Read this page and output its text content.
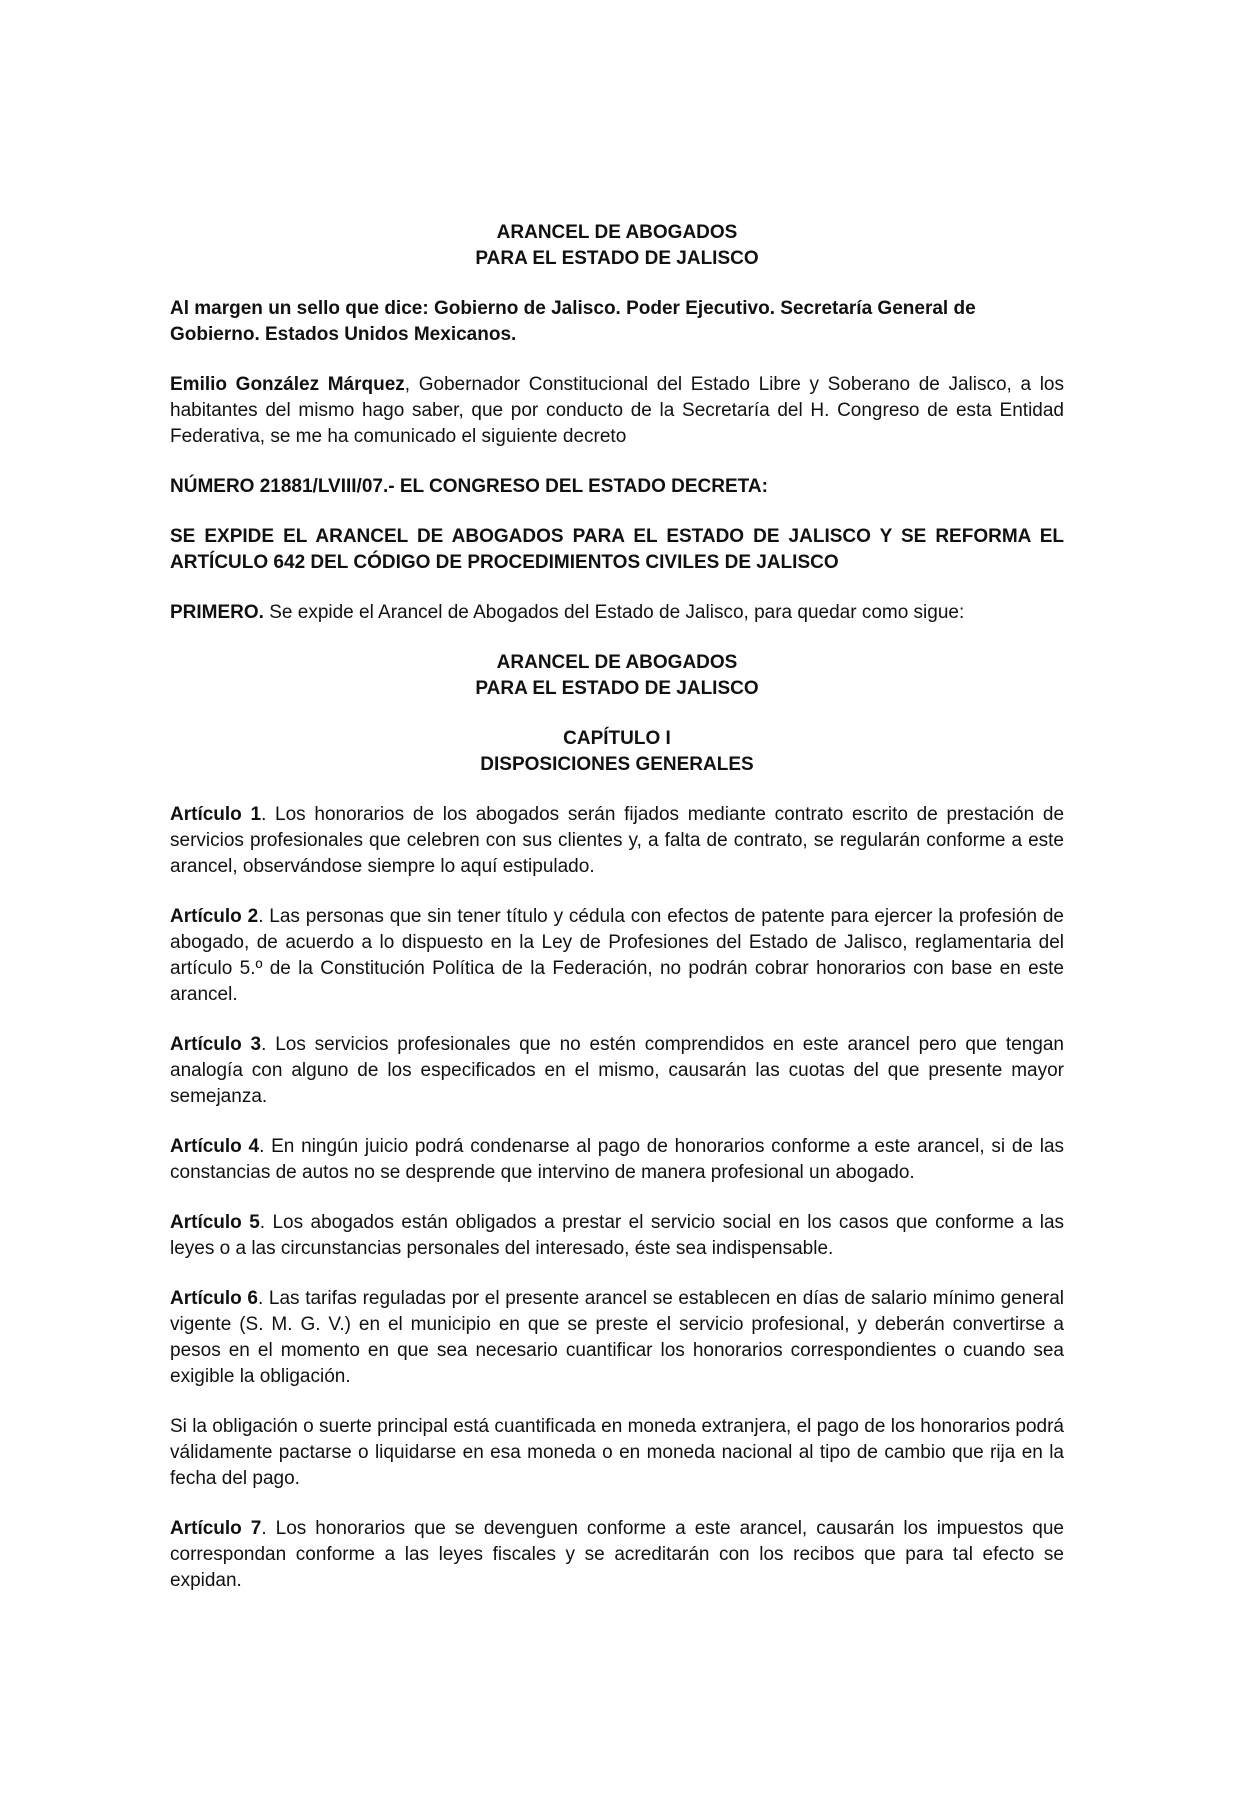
ARANCEL DE ABOGADOS

PARA EL ESTADO DE JALISCO

Al margen un sello que dice: Gobierno de Jalisco. Poder Ejecutivo. Secretaría General de Gobierno. Estados Unidos Mexicanos.

Emilio González Márquez, Gobernador Constitucional del Estado Libre y Soberano de Jalisco, a los habitantes del mismo hago saber, que por conducto de la Secretaría del H. Congreso de esta Entidad Federativa, se me ha comunicado el siguiente decreto

NÚMERO 21881/LVIII/07.- EL CONGRESO DEL ESTADO DECRETA:

SE EXPIDE EL ARANCEL DE ABOGADOS PARA EL ESTADO DE JALISCO Y SE REFORMA EL ARTÍCULO 642 DEL CÓDIGO DE PROCEDIMIENTOS CIVILES DE JALISCO

PRIMERO. Se expide el Arancel de Abogados del Estado de Jalisco, para quedar como sigue:

ARANCEL DE ABOGADOS

PARA EL ESTADO DE JALISCO

CAPÍTULO I

DISPOSICIONES GENERALES

Artículo 1. Los honorarios de los abogados serán fijados mediante contrato escrito de prestación de servicios profesionales que celebren con sus clientes y, a falta de contrato, se regularán conforme a este arancel, observándose siempre lo aquí estipulado.

Artículo 2. Las personas que sin tener título y cédula con efectos de patente para ejercer la profesión de abogado, de acuerdo a lo dispuesto en la Ley de Profesiones del Estado de Jalisco, reglamentaria del artículo 5.º de la Constitución Política de la Federación, no podrán cobrar honorarios con base en este arancel.

Artículo 3. Los servicios profesionales que no estén comprendidos en este arancel pero que tengan analogía con alguno de los especificados en el mismo, causarán las cuotas del que presente mayor semejanza.

Artículo 4. En ningún juicio podrá condenarse al pago de honorarios conforme a este arancel, si de las constancias de autos no se desprende que intervino de manera profesional un abogado.

Artículo 5. Los abogados están obligados a prestar el servicio social en los casos que conforme a las leyes o a las circunstancias personales del interesado, éste sea indispensable.

Artículo 6. Las tarifas reguladas por el presente arancel se establecen en días de salario mínimo general vigente (S. M. G. V.) en el municipio en que se preste el servicio profesional, y deberán convertirse a pesos en el momento en que sea necesario cuantificar los honorarios correspondientes o cuando sea exigible la obligación.

Si la obligación o suerte principal está cuantificada en moneda extranjera, el pago de los honorarios podrá válidamente pactarse o liquidarse en esa moneda o en moneda nacional al tipo de cambio que rija en la fecha del pago.

Artículo 7. Los honorarios que se devenguen conforme a este arancel, causarán los impuestos que correspondan conforme a las leyes fiscales y se acreditarán con los recibos que para tal efecto se expidan.
